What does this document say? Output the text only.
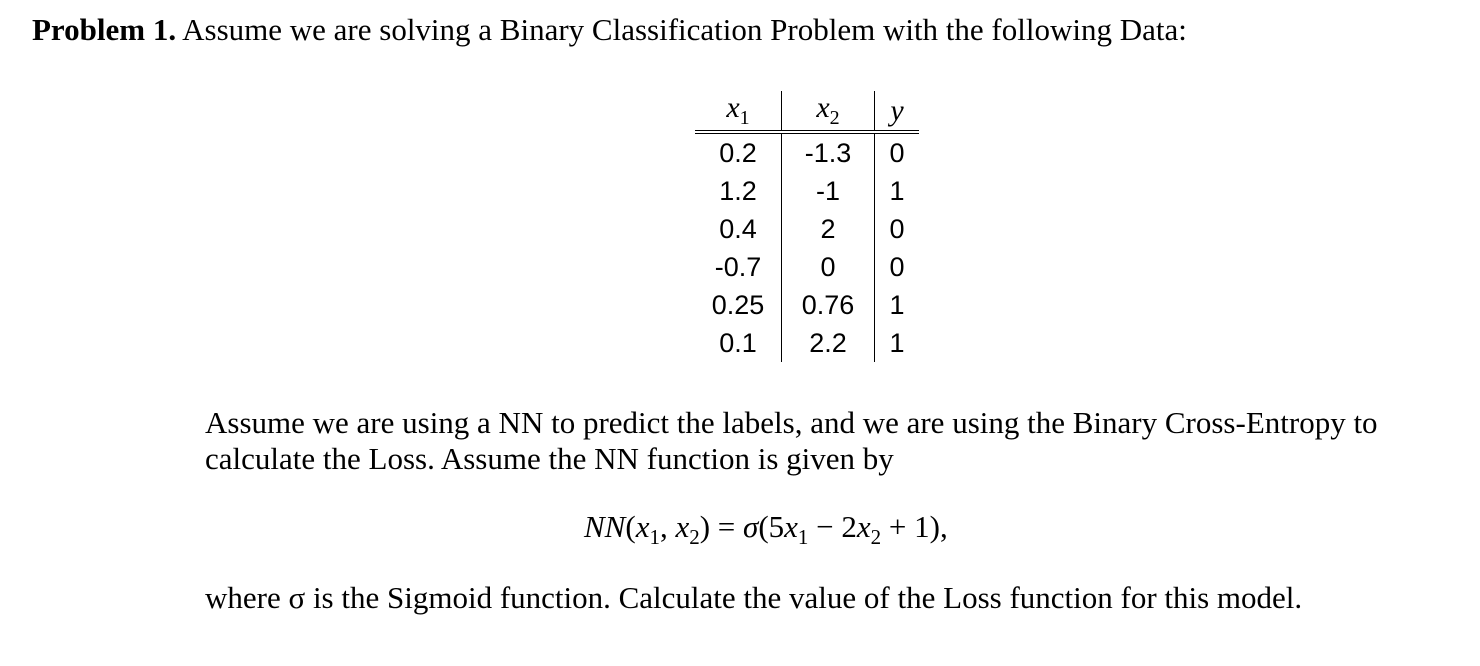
Problem 1. Assume we are solving a Binary Classification Problem with the following Data:
$x_1$	$x_2$	y
0.2	-1.3	0
1.2	-1	1
0.4	2	0
-0.7	0	0
0.25	0.76	1
0.1	2.2	1
Assume we are using a NN to predict the labels, and we are using the Binary Cross-Entropy to calculate the Loss. Assume the NN function is given by
$NN(x_1$, $x_2) = \sigma(5x_1 - 2x_2 + 1)$,
where σ is the Sigmoid function. Calculate the value of the Loss function for this model.
